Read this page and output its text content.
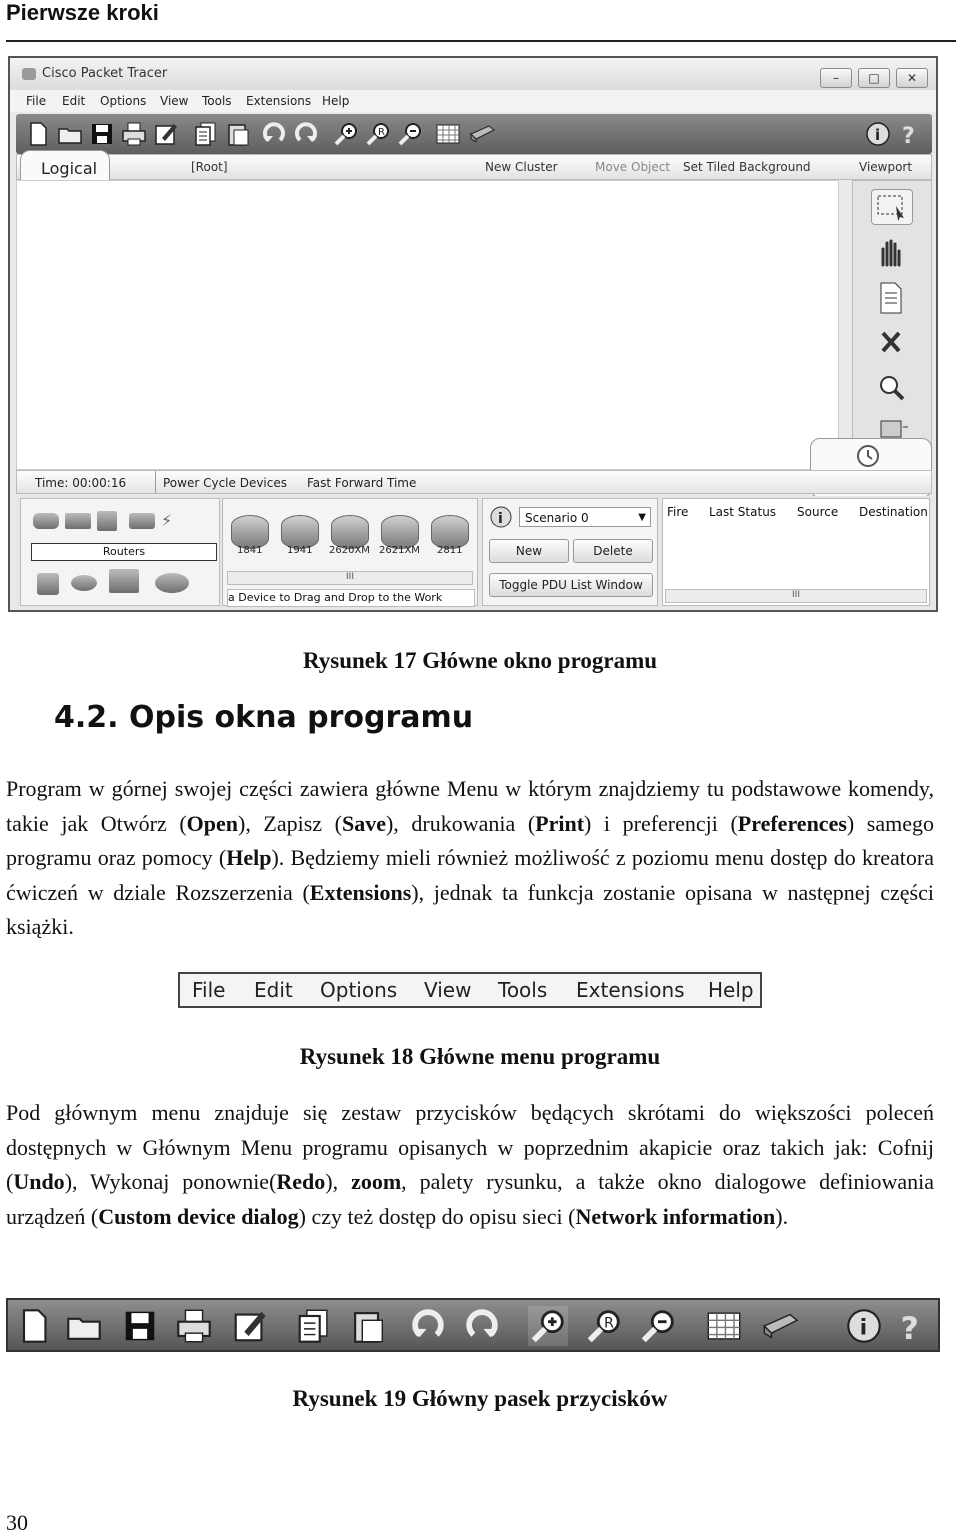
Pierwsze kroki
Cisco Packet Tracer	–	□	✕
File Edit Options View Tools Extensions Help
R	i ?
[Root]	New Cluster	Move Object Set Tiled Background	Viewport
Logical
Time: 00:00:16	Power Cycle Devices Fast Forward Time
⚡
Routers	1841 1941 2620XM 2621XM 2811
III
a Device to Drag and Drop to the Work
i	Scenario 0	▼
New	Delete
Toggle PDU List Window
Fire Last Status Source Destination
III
Rysunek 17 Główne okno programu
4.2. Opis okna programu
Program w górnej swojej części zawiera główne Menu w którym znajdziemy tu podstawowe komendy, takie jak Otwórz (Open), Zapisz (Save), drukowania (Print) i preferencji (Preferences) samego programu oraz pomocy (Help). Będziemy mieli również możliwość z poziomu menu dostęp do kreatora ćwiczeń w dziale Rozszerzenia (Extensions), jednak ta funkcja zostanie opisana w następnej części książki.
File Edit Options View Tools Extensions Help
Rysunek 18 Główne menu programu
Pod głównym menu znajduje się zestaw przycisków będących skrótami do większości poleceń dostępnych w Głównym Menu programu opisanych w poprzednim akapicie oraz takich jak: Cofnij (Undo), Wykonaj ponownie(Redo), zoom, palety rysunku, a także okno dialogowe definiowania urządzeń (Custom device dialog) czy też dostęp do opisu sieci (Network information).
R	i ?
Rysunek 19 Główny pasek przycisków
30
